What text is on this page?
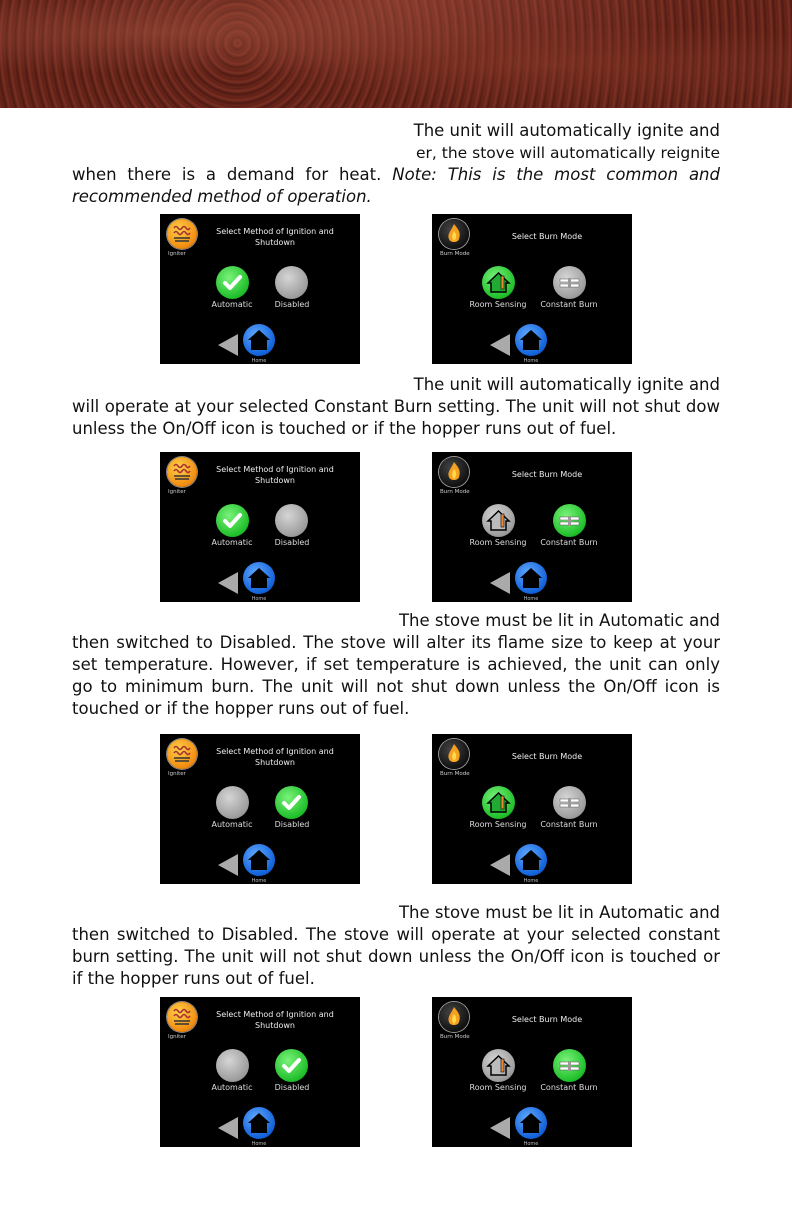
The unit will automatically ignite and
er, the stove will automatically reignite
when there is a demand for heat. Note: This is the most common and recommended method of operation.
The unit will automatically ignite and
will operate at your selected Constant Burn setting. The unit will not shut dow unless the On/Off icon is touched or if the hopper runs out of fuel.
The stove must be lit in Automatic and
then switched to Disabled. The stove will alter its flame size to keep at your set temperature. However, if set temperature is achieved, the unit can only go to minimum burn. The unit will not shut down unless the On/Off icon is touched or if the hopper runs out of fuel.
The stove must be lit in Automatic and
then switched to Disabled. The stove will operate at your selected constant burn setting. The unit will not shut down unless the On/Off icon is touched or if the hopper runs out of fuel.
Igniter
Select Method of Ignition and Shutdown
Automatic	Disabled
Home
Burn Mode
Select Burn Mode
Room Sensing	Constant Burn
Home
Igniter
Select Method of Ignition and Shutdown
Automatic	Disabled
Home
Burn Mode
Select Burn Mode
Room Sensing	Constant Burn
Home
Igniter
Select Method of Ignition and Shutdown
Automatic	Disabled
Home
Burn Mode
Select Burn Mode
Room Sensing	Constant Burn
Home
Igniter
Select Method of Ignition and Shutdown
Automatic	Disabled
Home
Burn Mode
Select Burn Mode
Room Sensing	Constant Burn
Home
